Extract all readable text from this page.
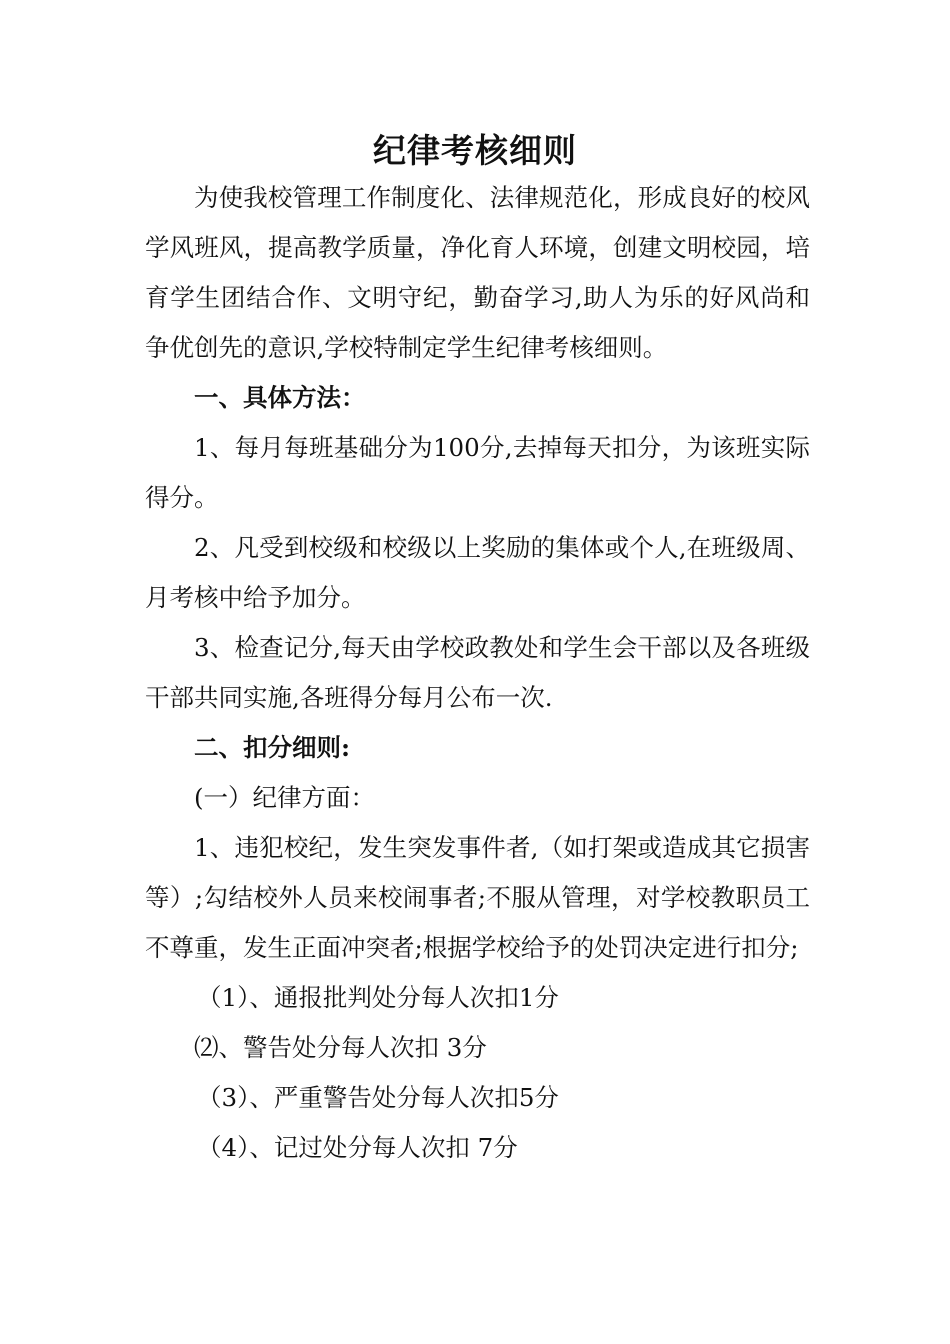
纪律考核细则

为使我校管理工作制度化、法律规范化，形成良好的校风学风班风，提高教学质量，净化育人环境，创建文明校园，培育学生团结合作、文明守纪，勤奋学习,助人为乐的好风尚和争优创先的意识,学校特制定学生纪律考核细则。

一、具体方法：

1、每月每班基础分为100分,去掉每天扣分，为该班实际得分。

2、凡受到校级和校级以上奖励的集体或个人,在班级周、月考核中给予加分。

3、检查记分,每天由学校政教处和学生会干部以及各班级干部共同实施,各班得分每月公布一次.

二、扣分细则:

(一）纪律方面：

1、违犯校纪，发生突发事件者,（如打架或造成其它损害等）;勾结校外人员来校闹事者;不服从管理，对学校教职员工不尊重，发生正面冲突者;根据学校给予的处罚决定进行扣分;

（1）、通报批判处分每人次扣1分

⑵、警告处分每人次扣 3分

（3）、严重警告处分每人次扣5分

（4）、记过处分每人次扣 7分
